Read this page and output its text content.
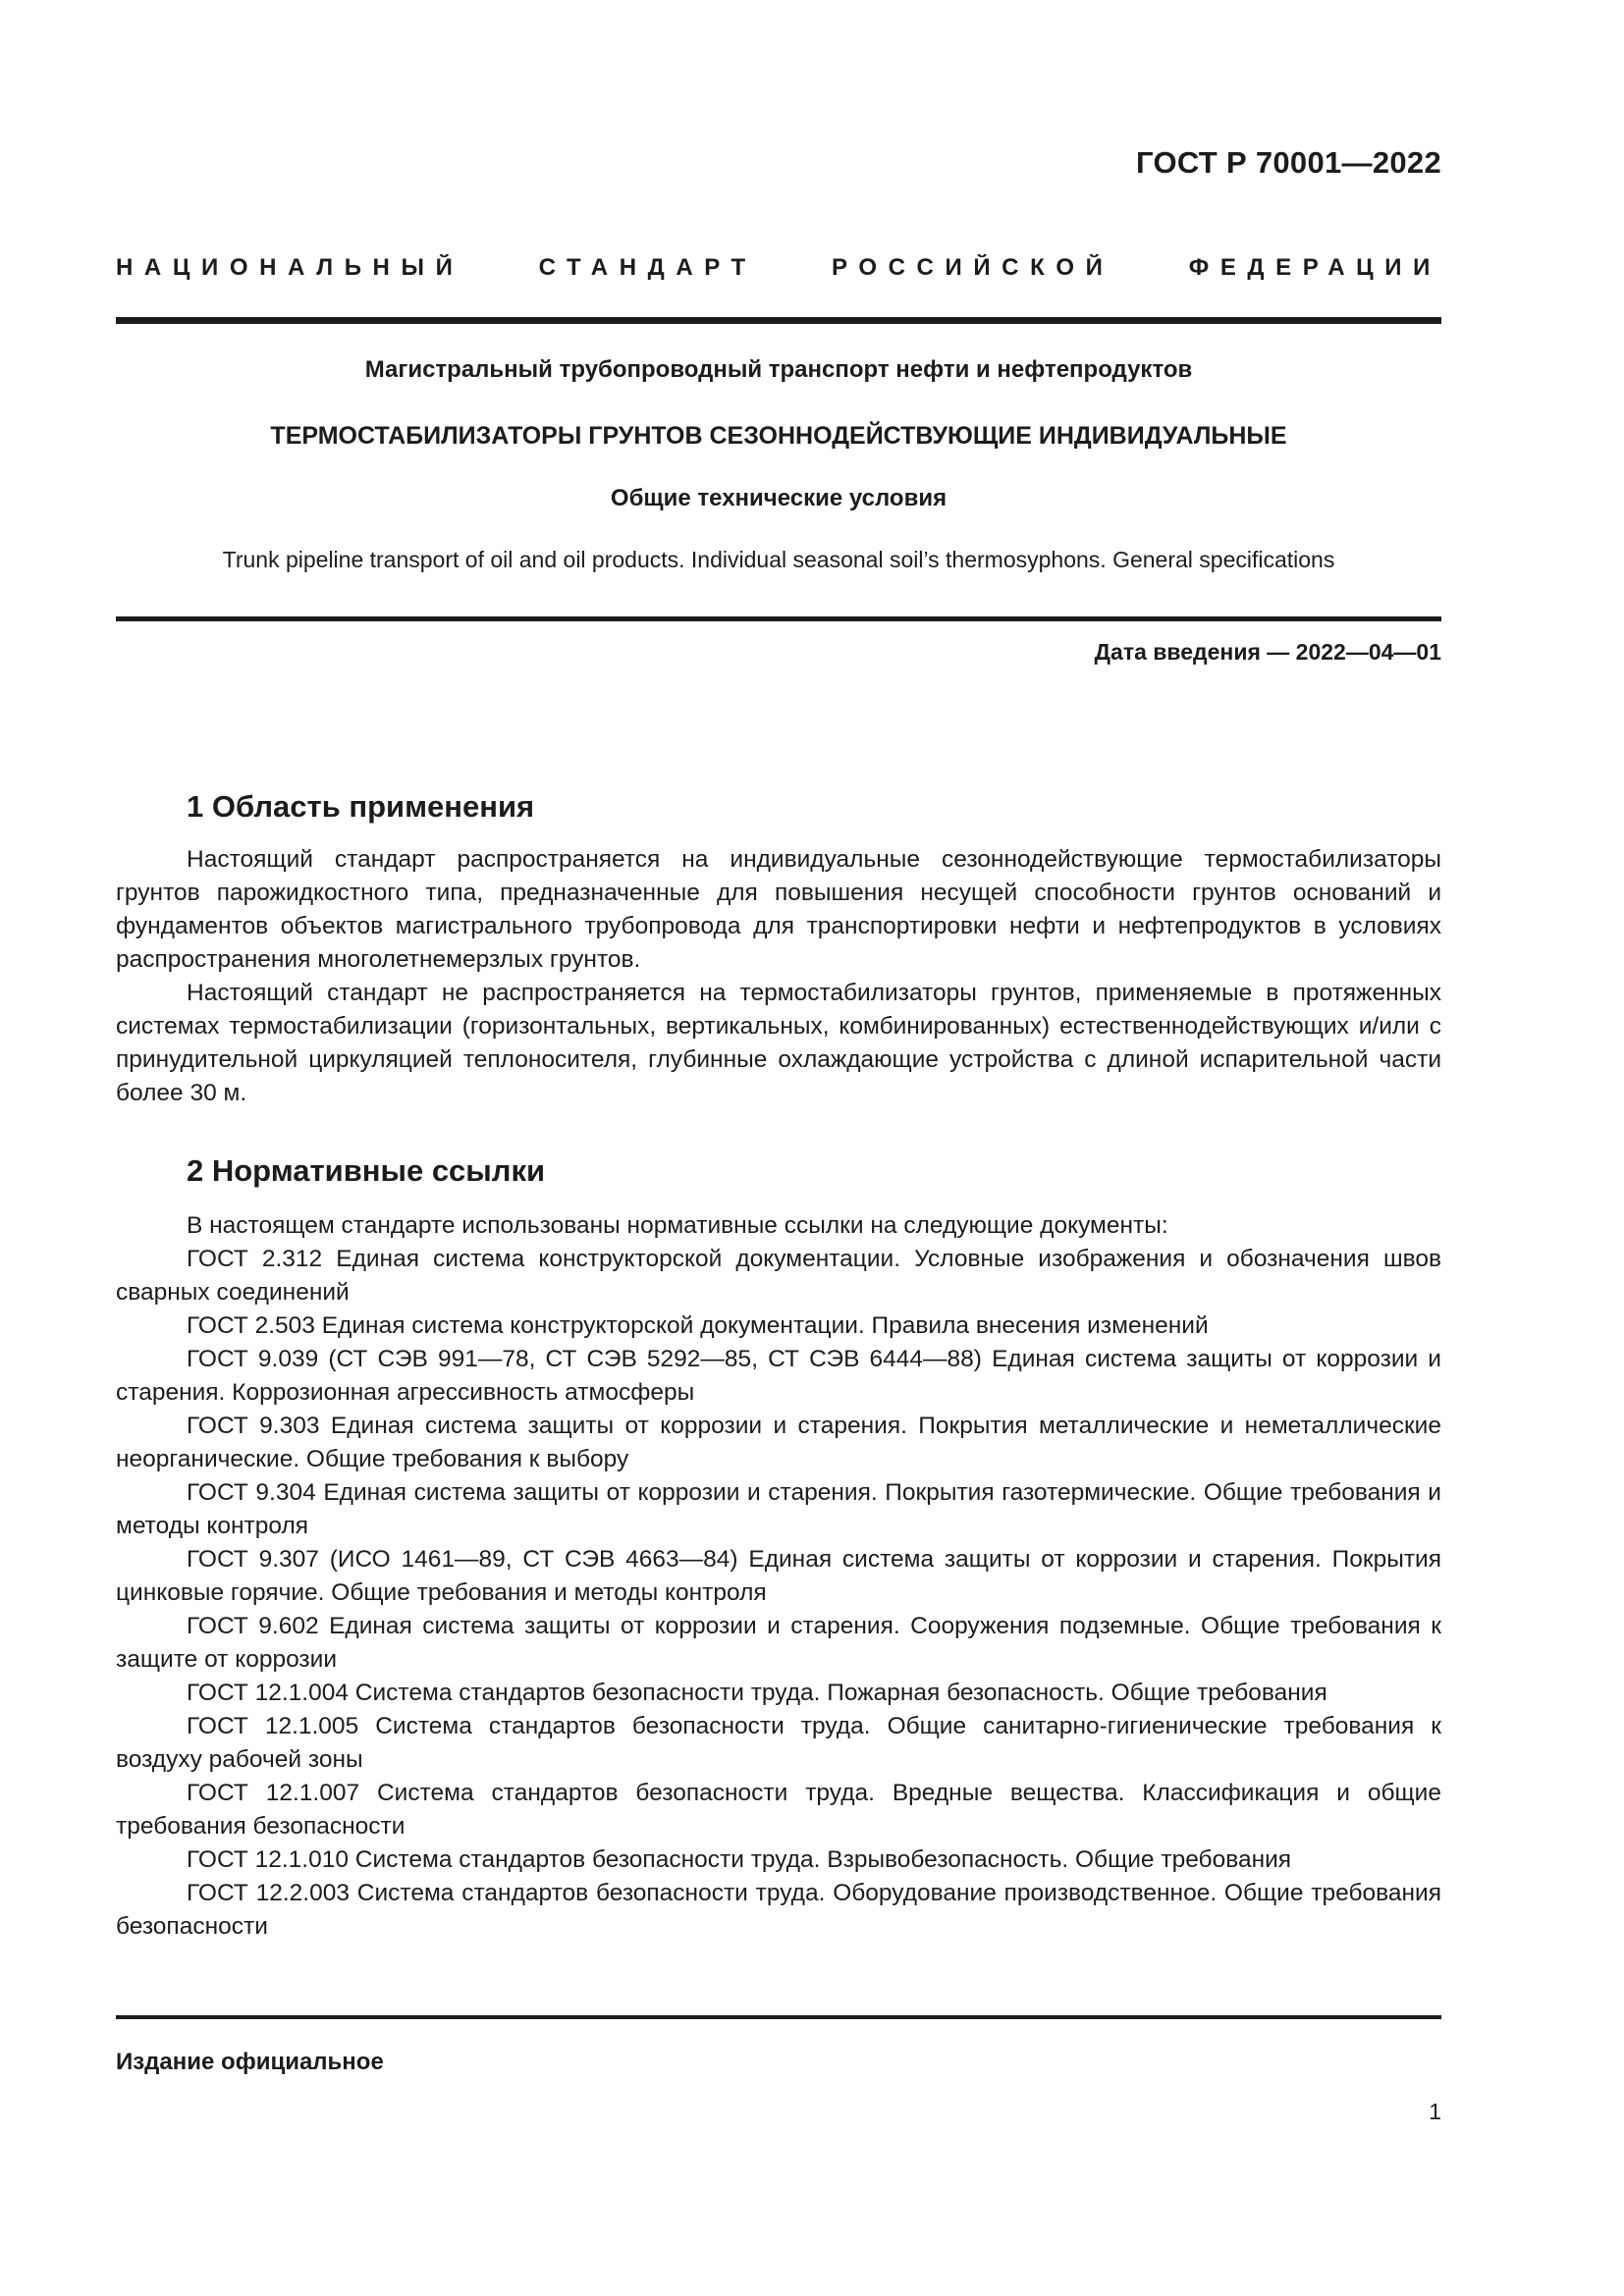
ГОСТ Р 70001—2022
НАЦИОНАЛЬНЫЙ СТАНДАРТ РОССИЙСКОЙ ФЕДЕРАЦИИ
Магистральный трубопроводный транспорт нефти и нефтепродуктов
ТЕРМОСТАБИЛИЗАТОРЫ ГРУНТОВ СЕЗОННОДЕЙСТВУЮЩИЕ ИНДИВИДУАЛЬНЫЕ
Общие технические условия
Trunk pipeline transport of oil and oil products. Individual seasonal soil’s thermosyphons. General specifications
Дата введения — 2022—04—01
1 Область применения

Настоящий стандарт распространяется на индивидуальные сезоннодействующие термостабилизаторы грунтов парожидкостного типа, предназначенные для повышения несущей способности грунтов оснований и фундаментов объектов магистрального трубопровода для транспортировки нефти и нефтепродуктов в условиях распространения многолетнемерзлых грунтов.

Настоящий стандарт не распространяется на термостабилизаторы грунтов, применяемые в протяженных системах термостабилизации (горизонтальных, вертикальных, комбинированных) естественнодействующих и/или с принудительной циркуляцией теплоносителя, глубинные охлаждающие устройства с длиной испарительной части более 30 м.

2 Нормативные ссылки

В настоящем стандарте использованы нормативные ссылки на следующие документы:

ГОСТ 2.312 Единая система конструкторской документации. Условные изображения и обозначения швов сварных соединений

ГОСТ 2.503 Единая система конструкторской документации. Правила внесения изменений

ГОСТ 9.039 (СТ СЭВ 991—78, СТ СЭВ 5292—85, СТ СЭВ 6444—88) Единая система защиты от коррозии и старения. Коррозионная агрессивность атмосферы

ГОСТ 9.303 Единая система защиты от коррозии и старения. Покрытия металлические и неметаллические неорганические. Общие требования к выбору

ГОСТ 9.304 Единая система защиты от коррозии и старения. Покрытия газотермические. Общие требования и методы контроля

ГОСТ 9.307 (ИСО 1461—89, СТ СЭВ 4663—84) Единая система защиты от коррозии и старения. Покрытия цинковые горячие. Общие требования и методы контроля

ГОСТ 9.602 Единая система защиты от коррозии и старения. Сооружения подземные. Общие требования к защите от коррозии

ГОСТ 12.1.004 Система стандартов безопасности труда. Пожарная безопасность. Общие требования

ГОСТ 12.1.005 Система стандартов безопасности труда. Общие санитарно-гигиенические требования к воздуху рабочей зоны

ГОСТ 12.1.007 Система стандартов безопасности труда. Вредные вещества. Классификация и общие требования безопасности

ГОСТ 12.1.010 Система стандартов безопасности труда. Взрывобезопасность. Общие требования

ГОСТ 12.2.003 Система стандартов безопасности труда. Оборудование производственное. Общие требования безопасности

Издание официальное
1
